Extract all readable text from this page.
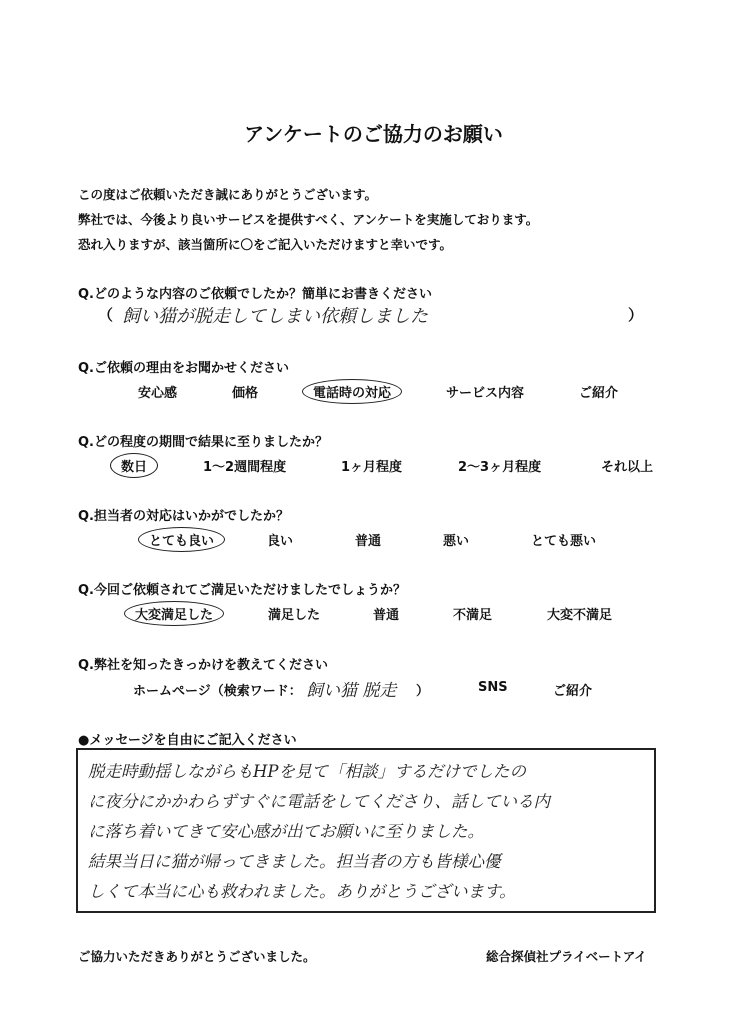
アンケートのご協力のお願い
この度はご依頼いただき誠にありがとうございます。
弊社では、今後より良いサービスを提供すべく、アンケートを実施しております。
恐れ入りますが、該当箇所に〇をご記入いただけますと幸いです。
Q.どのような内容のご依頼でしたか？簡単にお書きください
（ 飼い猫が脱走してしまい依頼しました	）
Q.ご依頼の理由をお聞かせください
安心感	価格	電話時の対応	サービス内容	ご紹介
Q.どの程度の期間で結果に至りましたか？
数日	1～2週間程度	1ヶ月程度	2～3ヶ月程度	それ以上
Q.担当者の対応はいかがでしたか？
とても良い	良い	普通	悪い	とても悪い
Q.今回ご依頼されてご満足いただけましたでしょうか？
大変満足した	満足した	普通	不満足	大変不満足
Q.弊社を知ったきっかけを教えてください
ホームページ（検索ワード： 飼い猫 脱走 ）	SNS	ご紹介
●メッセージを自由にご記入ください
脱走時動揺しながらもHPを見て「相談」するだけでしたの
に夜分にかかわらずすぐに電話をしてくださり、話している内
に落ち着いてきて安心感が出てお願いに至りました。
結果当日に猫が帰ってきました。担当者の方も皆様心優
しくて本当に心も救われました。ありがとうございます。
ご協力いただきありがとうございました。	総合探偵社プライベートアイ
